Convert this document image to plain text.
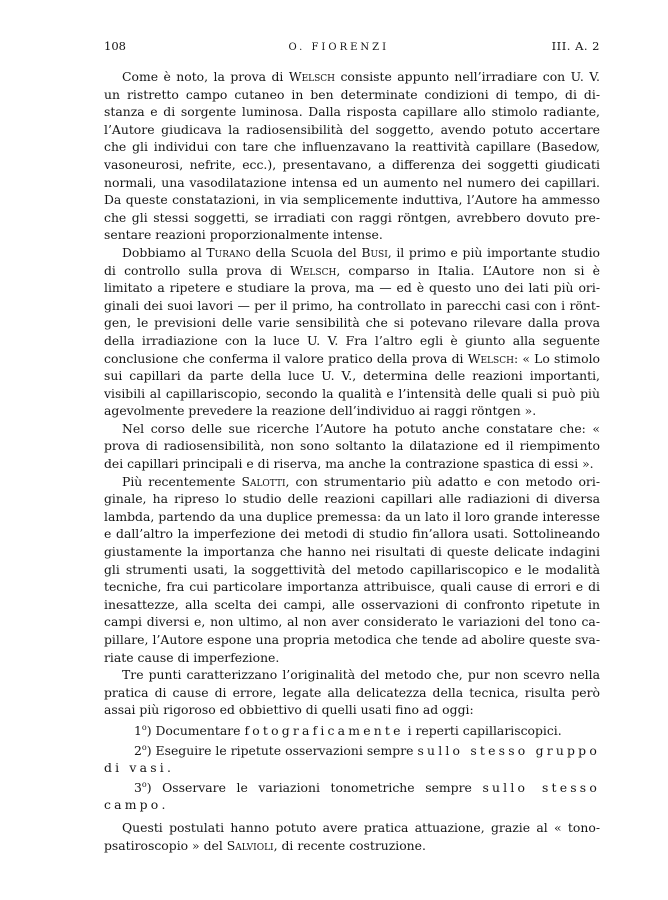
108	O. FIORENZI	III. A. 2

Come è noto, la prova di Welsch consiste appunto nell’irradiare con U. V. un ristretto campo cutaneo in ben determinate condizioni di tempo, di distanza e di sorgente luminosa. Dalla risposta capillare allo stimolo radiante, l’Autore giudicava la radiosensibilità del soggetto, avendo potuto accertare che gli individui con tare che influenzavano la reattività capillare (Basedow, vasoneurosi, nefrite, ecc.), presentavano, a differenza dei soggetti giudicati normali, una vasodilatazione intensa ed un aumento nel numero dei capillari. Da queste constatazioni, in via semplicemente induttiva, l’Autore ha ammesso che gli stessi soggetti, se irradiati con raggi röntgen, avrebbero dovuto presentare reazioni proporzionalmente intense.

Dobbiamo al Turano della Scuola del Busi, il primo e più importante studio di controllo sulla prova di Welsch, comparso in Italia. L’Autore non si è limitato a ripetere e studiare la prova, ma — ed è questo uno dei lati più originali dei suoi lavori — per il primo, ha controllato in parecchi casi con i röntgen, le previsioni delle varie sensibilità che si potevano rilevare dalla prova della irradiazione con la luce U. V. Fra l’altro egli è giunto alla seguente conclusione che conferma il valore pratico della prova di Welsch: « Lo stimolo sui capillari da parte della luce U. V., determina delle reazioni importanti, visibili al capillariscopio, secondo la qualità e l’intensità delle quali si può più agevolmente prevedere la reazione dell’individuo ai raggi röntgen ».

Nel corso delle sue ricerche l’Autore ha potuto anche constatare che: « prova di radiosensibilità, non sono soltanto la dilatazione ed il riempimento dei capillari principali e di riserva, ma anche la contrazione spastica di essi ».

Più recentemente Salotti, con strumentario più adatto e con metodo originale, ha ripreso lo studio delle reazioni capillari alle radiazioni di diversa lambda, partendo da una duplice premessa: da un lato il loro grande interesse e dall’altro la imperfezione dei metodi di studio fin’allora usati. Sottolineando giustamente la importanza che hanno nei risultati di queste delicate indagini gli strumenti usati, la soggettività del metodo capillariscopico e le modalità tecniche, fra cui particolare importanza attribuisce, quali cause di errori e di inesattezze, alla scelta dei campi, alle osservazioni di confronto ripetute in campi diversi e, non ultimo, al non aver considerato le variazioni del tono capillare, l’Autore espone una propria metodica che tende ad abolire queste svariate cause di imperfezione.

Tre punti caratterizzano l’originalità del metodo che, pur non scevro nella pratica di cause di errore, legate alla delicatezza della tecnica, risulta però assai più rigoroso ed obbiettivo di quelli usati fino ad oggi:

1$^o$) Documentare fotograficamente i reperti capillariscopici.

2$^o$) Eseguire le ripetute osservazioni sempre sullo stesso gruppo di vasi.

3$^o$) Osservare le variazioni tonometriche sempre sullo stesso campo.

Questi postulati hanno potuto avere pratica attuazione, grazie al « tonopsatiroscopio » del Salvioli, di recente costruzione.
